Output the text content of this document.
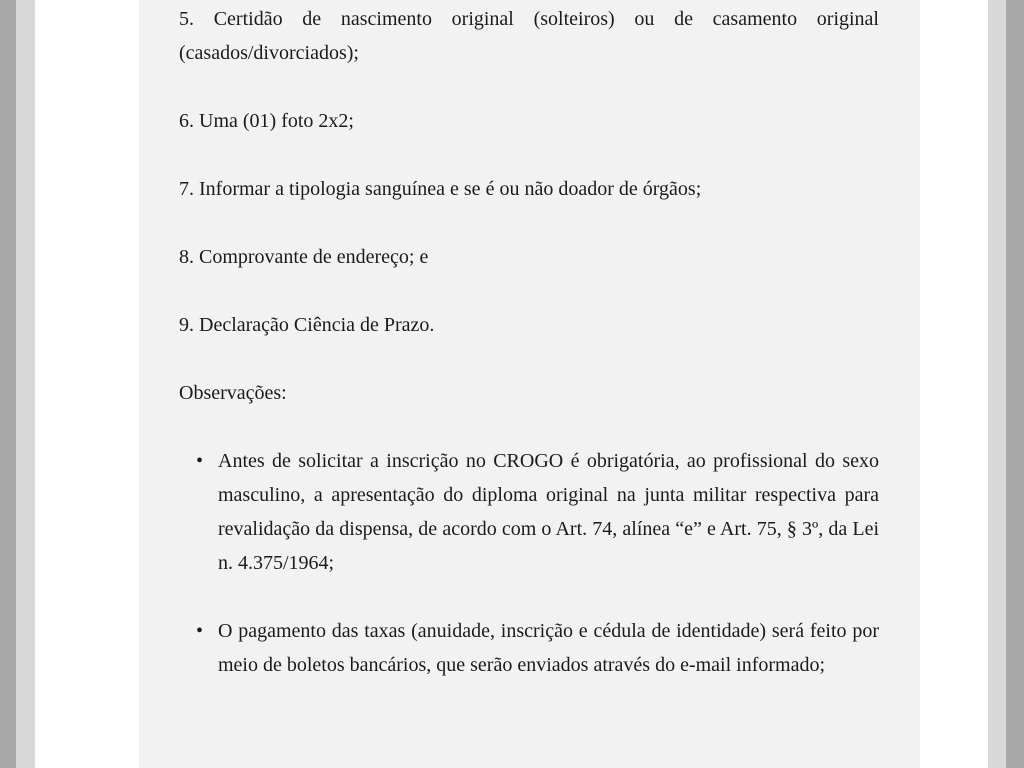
5. Certidão de nascimento original (solteiros) ou de casamento original (casados/divorciados);

6. Uma (01) foto 2x2;

7. Informar a tipologia sanguínea e se é ou não doador de órgãos;

8. Comprovante de endereço; e

9. Declaração Ciência de Prazo.

Observações:

• Antes de solicitar a inscrição no CROGO é obrigatória, ao profissional do sexo masculino, a apresentação do diploma original na junta militar respectiva para revalidação da dispensa, de acordo com o Art. 74, alínea “e” e Art. 75, § 3º, da Lei n. 4.375/1964;
• O pagamento das taxas (anuidade, inscrição e cédula de identidade) será feito por meio de boletos bancários, que serão enviados através do e-mail informado;
